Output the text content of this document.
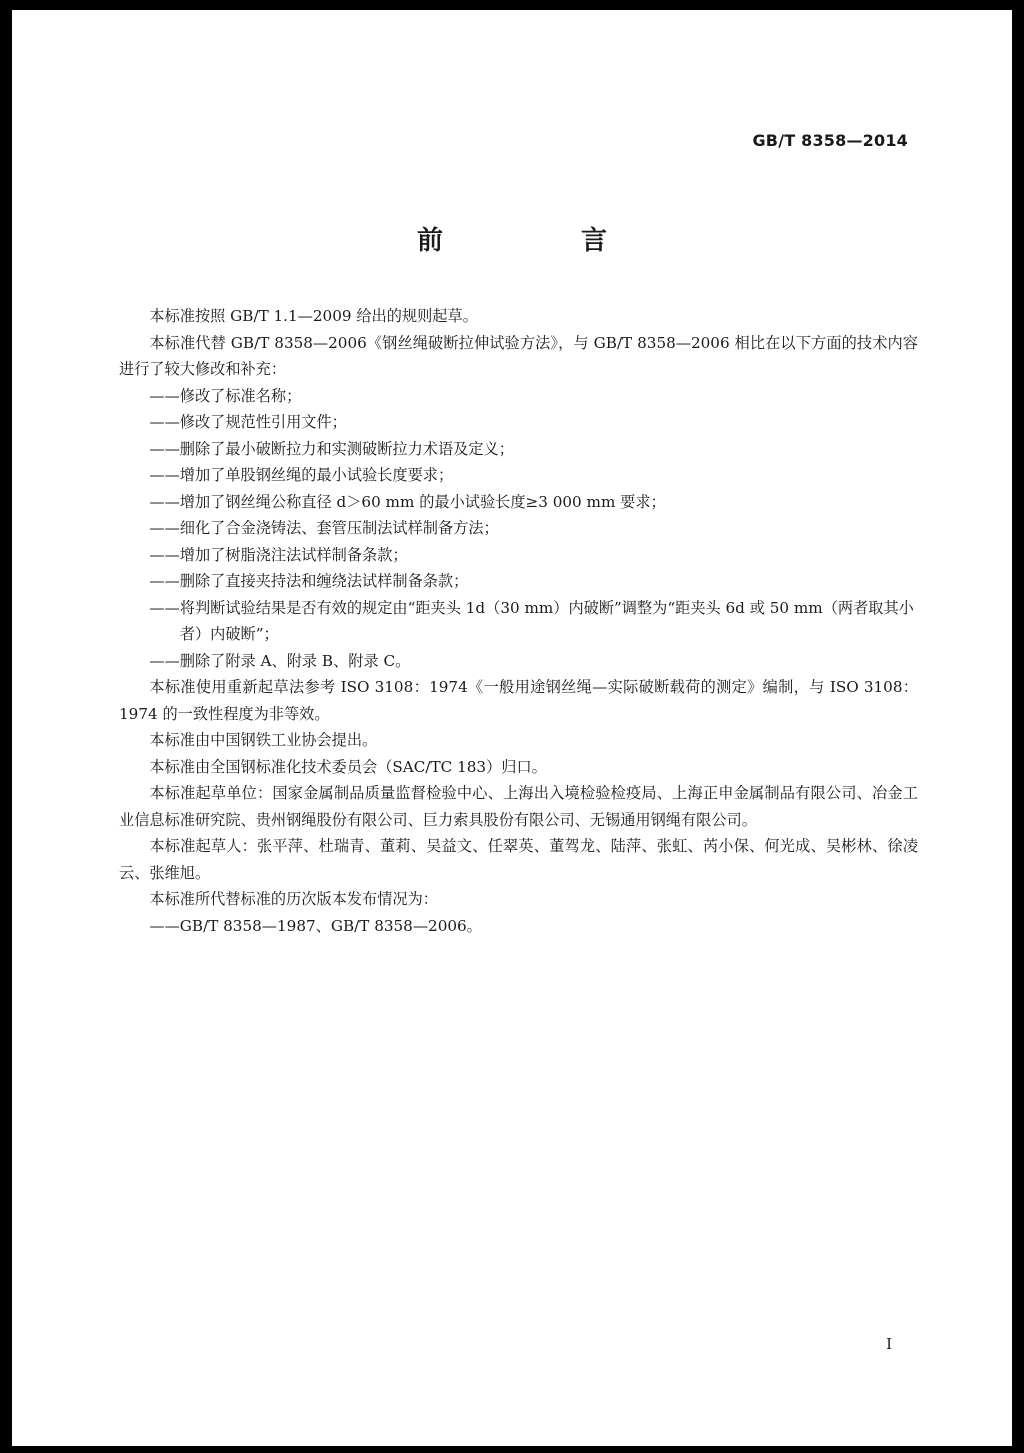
GB/T 8358—2014
前　言

本标准按照 GB/T 1.1—2009 给出的规则起草。

本标准代替 GB/T 8358—2006《钢丝绳破断拉伸试验方法》，与 GB/T 8358—2006 相比在以下方面的技术内容进行了较大修改和补充：

——修改了标准名称；

——修改了规范性引用文件；

——删除了最小破断拉力和实测破断拉力术语及定义；

——增加了单股钢丝绳的最小试验长度要求；

——增加了钢丝绳公称直径 d＞60 mm 的最小试验长度≥3 000 mm 要求；

——细化了合金浇铸法、套管压制法试样制备方法；

——增加了树脂浇注法试样制备条款；

——删除了直接夹持法和缠绕法试样制备条款；

——将判断试验结果是否有效的规定由“距夹头 1d（30 mm）内破断”调整为“距夹头 6d 或 50 mm（两者取其小者）内破断”；

——删除了附录 A、附录 B、附录 C。

本标准使用重新起草法参考 ISO 3108：1974《一般用途钢丝绳—实际破断载荷的测定》编制，与 ISO 3108：1974 的一致性程度为非等效。

本标准由中国钢铁工业协会提出。

本标准由全国钢标准化技术委员会（SAC/TC 183）归口。

本标准起草单位：国家金属制品质量监督检验中心、上海出入境检验检疫局、上海正申金属制品有限公司、冶金工业信息标准研究院、贵州钢绳股份有限公司、巨力索具股份有限公司、无锡通用钢绳有限公司。

本标准起草人：张平萍、杜瑞青、董莉、吴益文、任翠英、董驾龙、陆萍、张虹、芮小保、何光成、吴彬林、徐凌云、张维旭。

本标准所代替标准的历次版本发布情况为：

——GB/T 8358—1987、GB/T 8358—2006。

I
